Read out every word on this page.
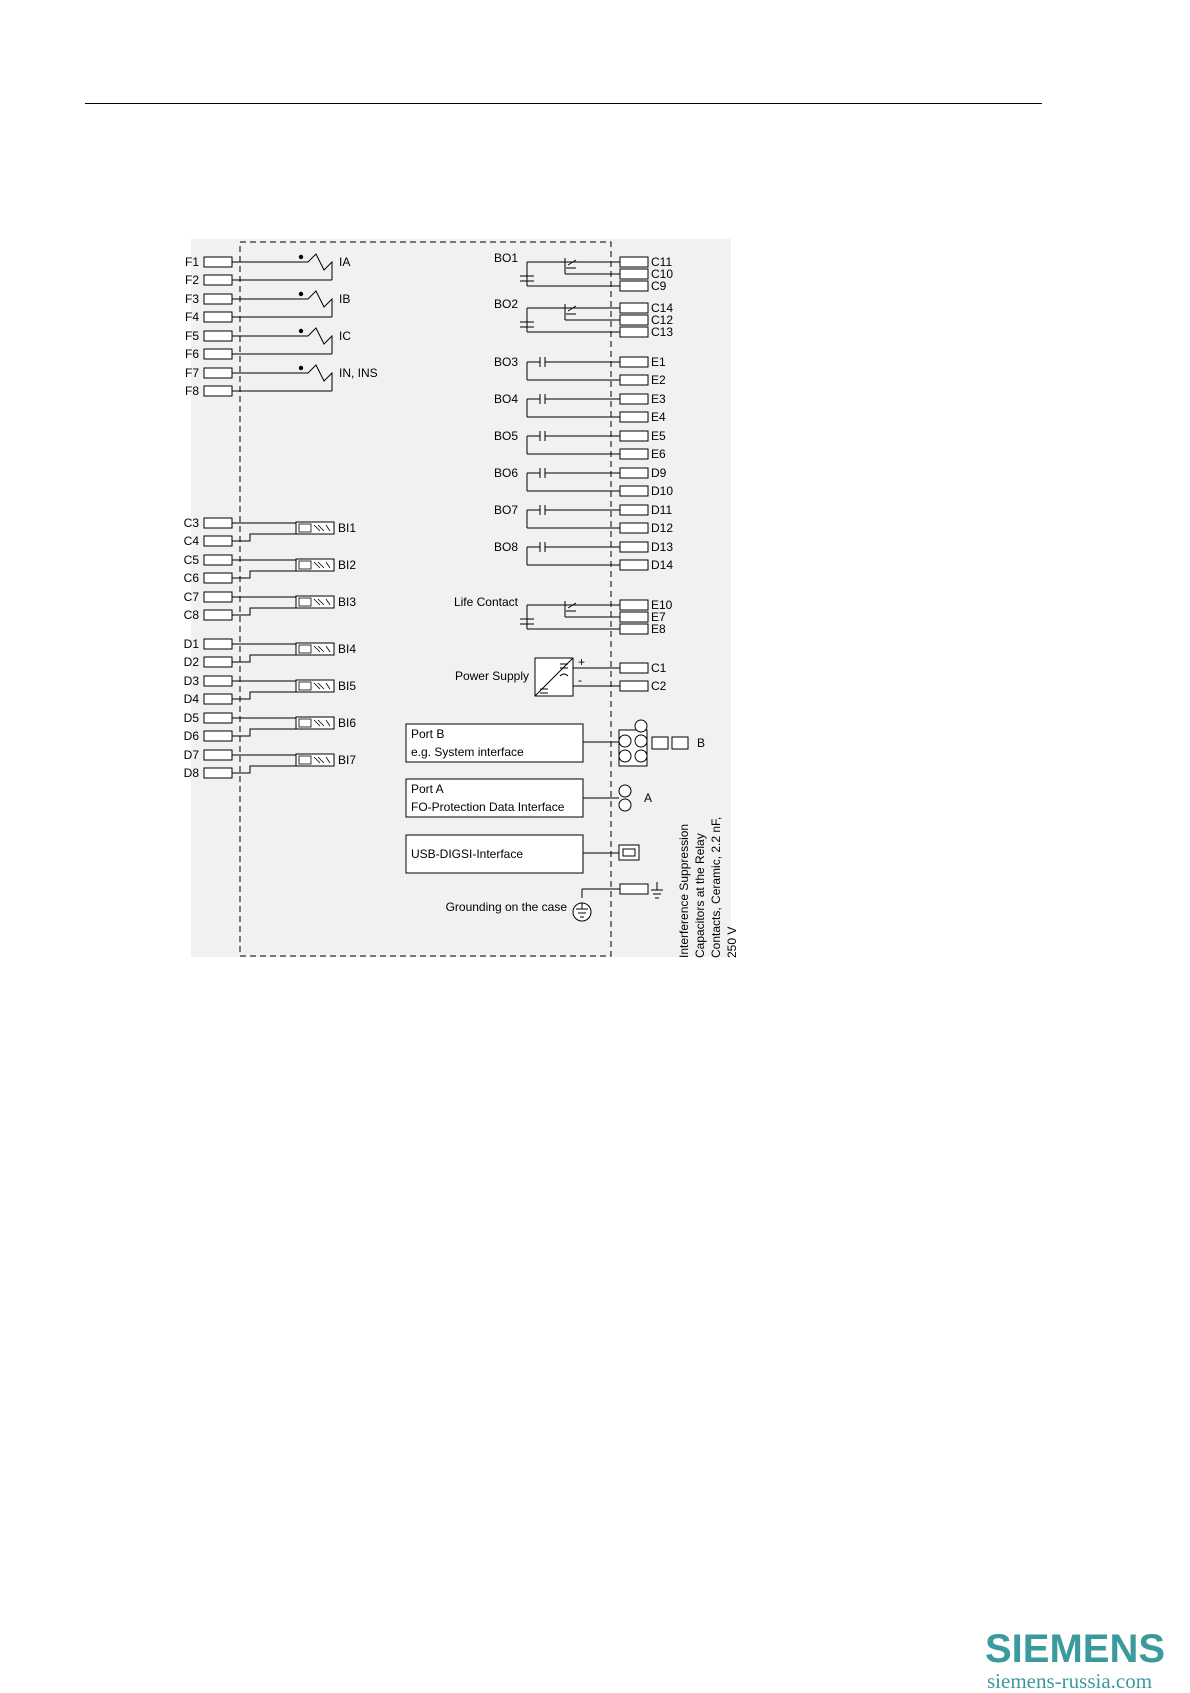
F1
F2
IA
F3
F4
IB
F5
F6
IC
F7
F8
IN, INS
C3
C4
BI1
C5
C6
BI2
C7
C8
BI3
D1
D2
BI4
D3
D4
BI5
D5
D6
BI6
D7
D8
BI7
BO1	C11
C10
C9
BO2	C14
C12
C13
BO3	E1
E2
BO4	E3
E4
BO5	E5
E6
BO6	D9
D10
BO7	D11
D12
BO8	D13
D14
Life Contact	E10
E7
E8
Power Supply
+
-
C1
C2
Port B
e.g. System interface
Port A
FO-Protection Data Interface
USB-DIGSI-Interface
B
A
Grounding on the case	Interference Suppression Capacitors at the Relay Contacts, Ceramic, 2.2 nF, 250 V
SIEMENS
siemens-russia.com
